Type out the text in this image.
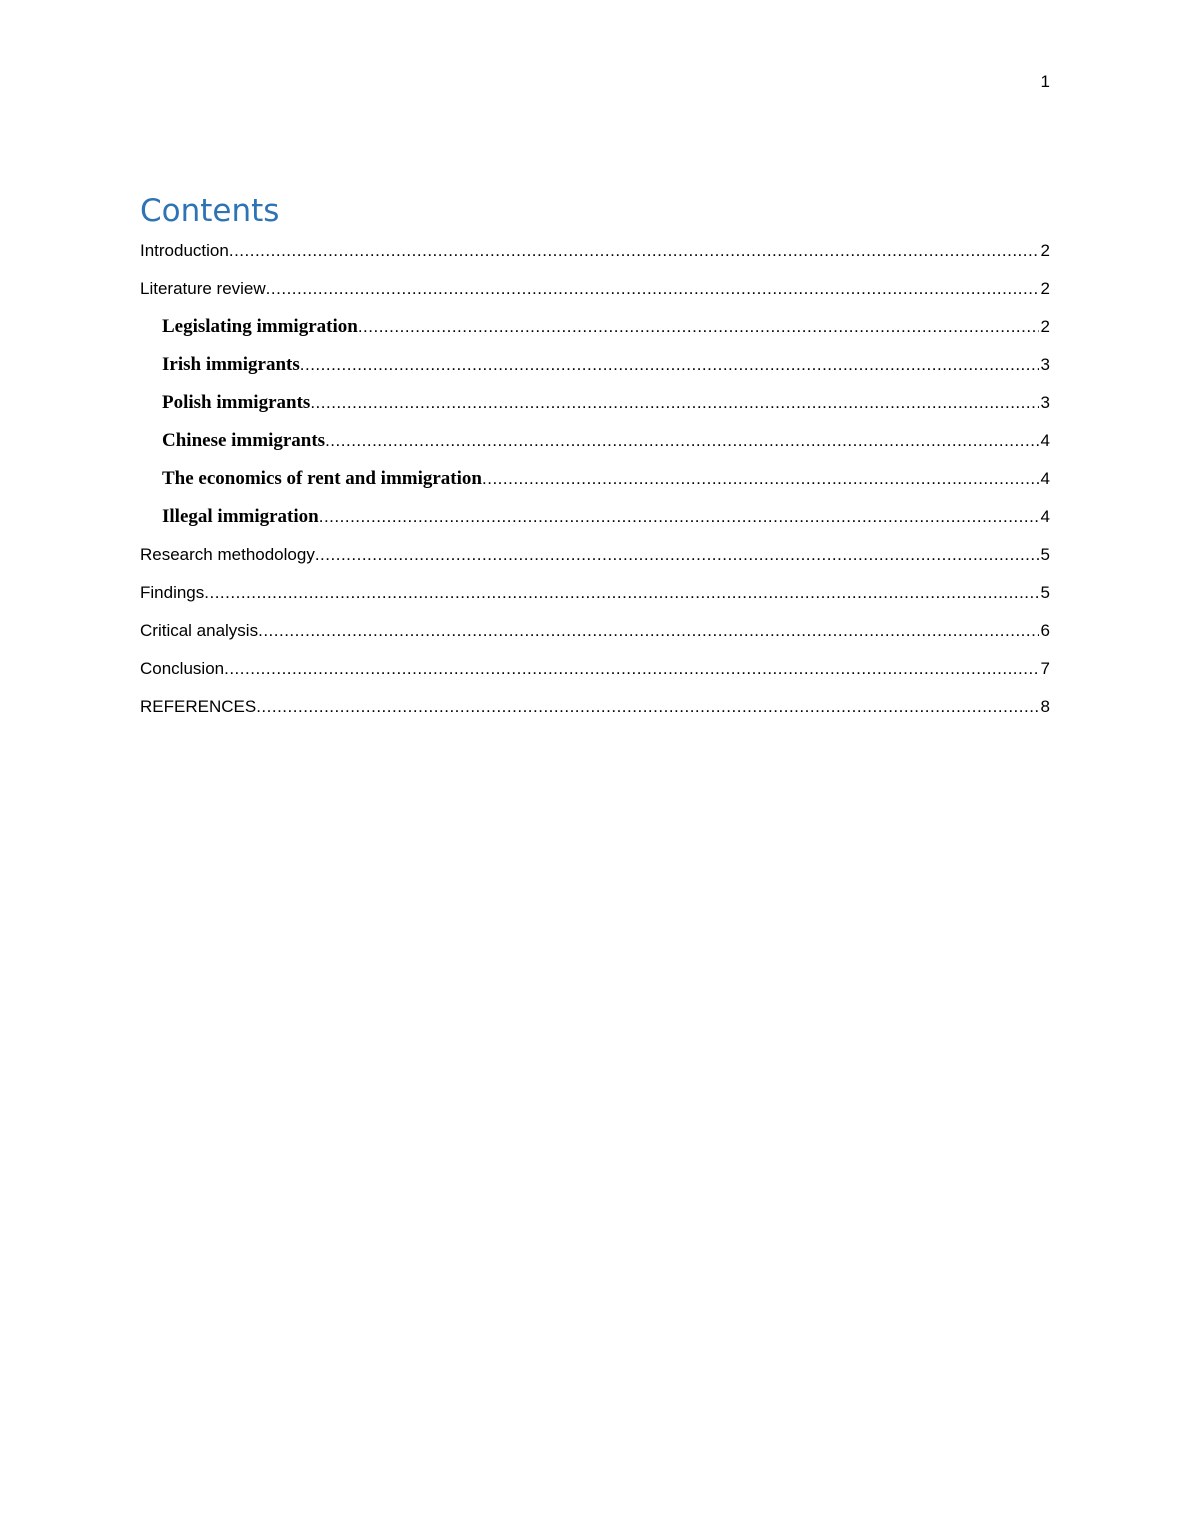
1
Contents
Introduction .....	2
Literature review .....	2
Legislating immigration .....	2
Irish immigrants .....	3
Polish immigrants .....	3
Chinese immigrants .....	4
The economics of rent and immigration .....	4
Illegal immigration .....	4
Research methodology .....	5
Findings .....	5
Critical analysis .....	6
Conclusion .....	7
REFERENCES .....	8
